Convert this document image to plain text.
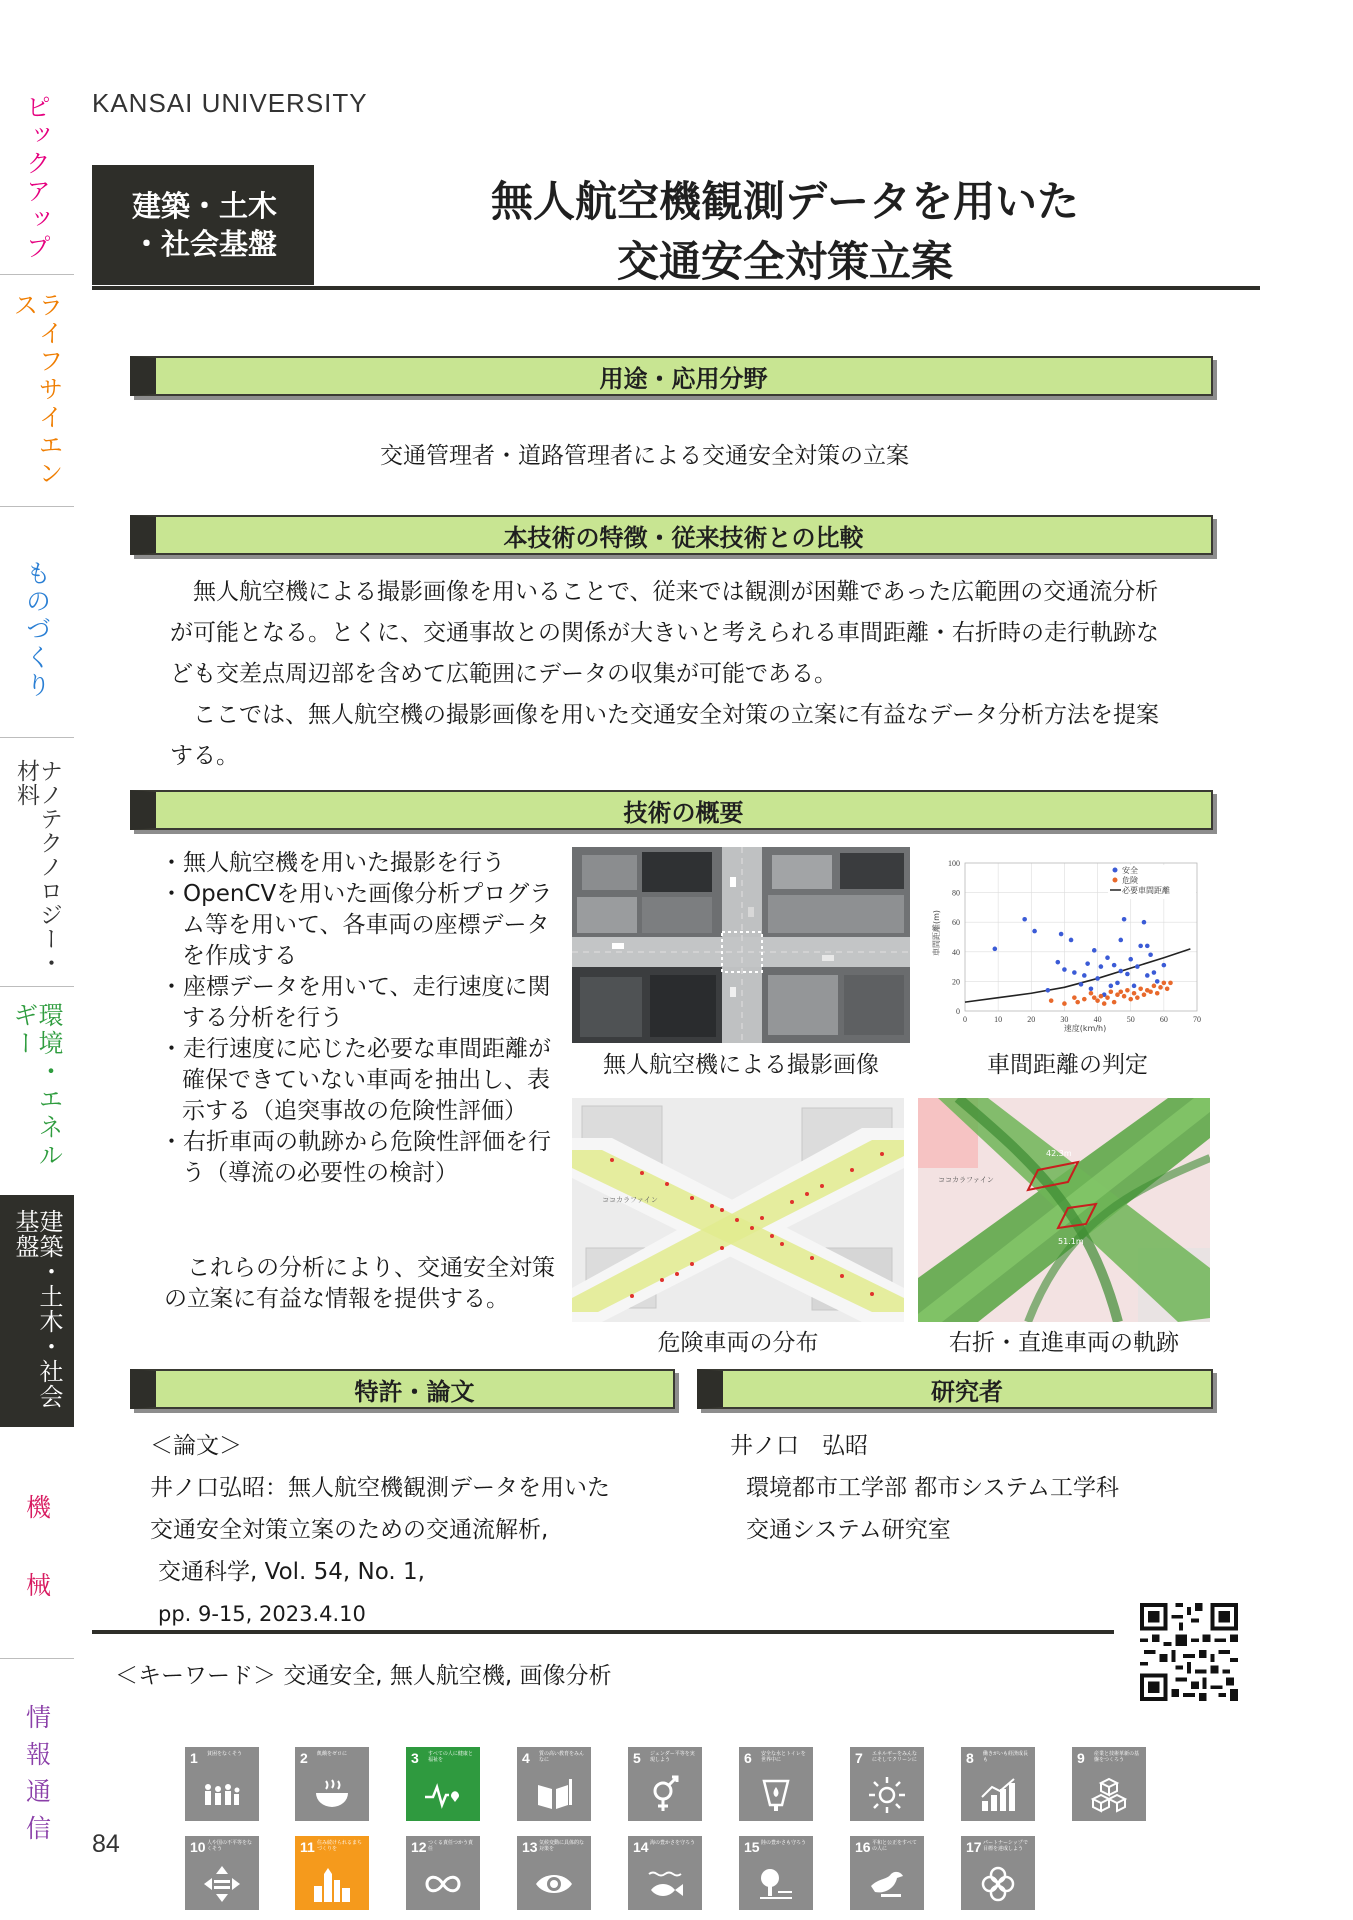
ピックアップ
ライフサイエンス
ものづくり
ナノテクノロジー・材料
環境・エネルギー
建築・土木・社会基盤
機　械
情報通信
KANSAI UNIVERSITY
建築・土木
・社会基盤
無人航空機観測データを用いた
交通安全対策立案
用途・応用分野
交通管理者・道路管理者による交通安全対策の立案
本技術の特徴・従来技術との比較

無人航空機による撮影画像を用いることで、従来では観測が困難であった広範囲の交通流分析が可能となる。とくに、交通事故との関係が大きいと考えられる車間距離・右折時の走行軌跡なども交差点周辺部を含めて広範囲にデータの収集が可能である。

ここでは、無人航空機の撮影画像を用いた交通安全対策の立案に有益なデータ分析方法を提案する。

技術の概要
・ 無人航空機を用いた撮影を行う
・ OpenCVを用いた画像分析プログラム等を用いて、各車両の座標データを作成する
・ 座標データを用いて、走行速度に関する分析を行う
・ 走行速度に応じた必要な車間距離が確保できていない車両を抽出し、表示する（追突事故の危険性評価）
・ 右折車両の軌跡から危険性評価を行う（導流の必要性の検討）
これらの分析により、交通安全対策の立案に有益な情報を提供する。
無人航空機による撮影画像
0	10	20	30	40	50	60	70
0
20
40
60
80
100
速度(km/h)
車間距離(m)
安全
危険
必要車間距離
車間距離の判定
ココカラファイン
危険車両の分布
42.3m
51.1m
ココカラファイン
右折・直進車両の軌跡
特許・論文	研究者
＜論文＞
井ノ口弘昭：無人航空機観測データを用いた
交通安全対策立案のための交通流解析,
交通科学, Vol. 54, No. 1,
pp. 9-15, 2023.4.10
井ノ口　弘昭
環境都市工学部 都市システム工学科
交通システム研究室
＜キーワード＞ 交通安全, 無人航空機, 画像分析
84
1 貧困をなくそう	2 飢餓をゼロに	3 すべての人に健康と福祉を	4 質の高い教育をみんなに	5 ジェンダー平等を実現しよう	6 安全な水とトイレを世界中に	7 エネルギーをみんなにそしてクリーンに	8 働きがいも経済成長も	9 産業と技術革新の基盤をつくろう
10 人や国の不平等をなくそう	11 住み続けられるまちづくりを	12 つくる責任つかう責任	13 気候変動に具体的な対策を	14 海の豊かさを守ろう	15 陸の豊かさも守ろう	16 平和と公正をすべての人に	17 パートナーシップで目標を達成しよう
